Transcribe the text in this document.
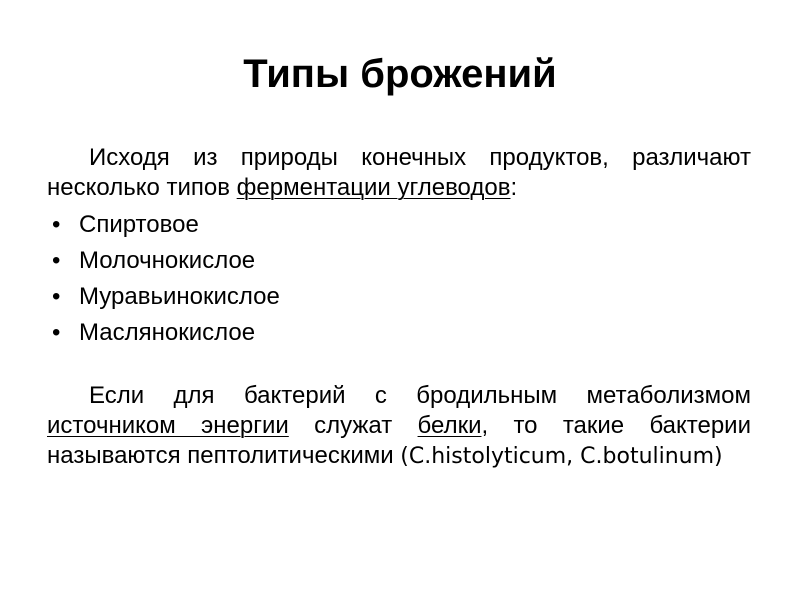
Типы брожений

Исходя из природы конечных продуктов, различают несколько типов ферментации углеводов:

• Спиртовое
• Молочнокислое
• Муравьинокислое
• Маслянокислое

Если для бактерий с бродильным метаболизмом источником энергии служат белки, то такие бактерии называются пептолитическими (C.histolyticum, C.botulinum)
